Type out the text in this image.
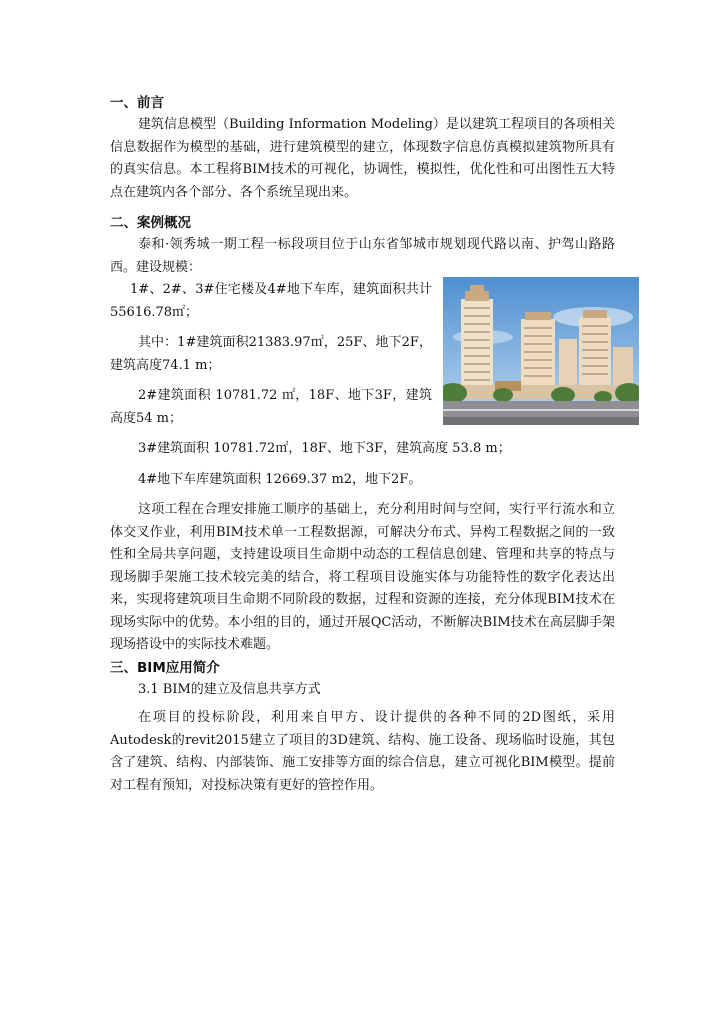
一、前言

建筑信息模型（Building Information Modeling）是以建筑工程项目的各项相关信息数据作为模型的基础，进行建筑模型的建立，体现数字信息仿真模拟建筑物所具有的真实信息。本工程将BIM技术的可视化，协调性，模拟性，优化性和可出图性五大特点在建筑内各个部分、各个系统呈现出来。

二、案例概况

泰和·领秀城一期工程一标段项目位于山东省邹城市规划现代路以南、护驾山路路西。建设规模：

1#、2#、3#住宅楼及4#地下车库，建筑面积共计55616.78㎡；

其中：1#建筑面积21383.97㎡，25F、地下2F，建筑高度74.1 m；

2#建筑面积 10781.72 ㎡，18F、地下3F，建筑高度54 m；

3#建筑面积 10781.72㎡，18F、地下3F，建筑高度 53.8 m；

4#地下车库建筑面积 12669.37 m2，地下2F。

这项工程在合理安排施工顺序的基础上，充分利用时间与空间，实行平行流水和立体交叉作业，利用BIM技术单一工程数据源，可解决分布式、异构工程数据之间的一致性和全局共享问题，支持建设项目生命期中动态的工程信息创建、管理和共享的特点与现场脚手架施工技术较完美的结合，将工程项目设施实体与功能特性的数字化表达出来，实现将建筑项目生命期不同阶段的数据，过程和资源的连接，充分体现BIM技术在现场实际中的优势。本小组的目的，通过开展QC活动，不断解决BIM技术在高层脚手架现场搭设中的实际技术难题。

三、BIM应用简介

3.1 BIM的建立及信息共享方式

在项目的投标阶段，利用来自甲方、设计提供的各种不同的2D图纸，采用Autodesk的revit2015建立了项目的3D建筑、结构、施工设备、现场临时设施，其包含了建筑、结构、内部装饰、施工安排等方面的综合信息，建立可视化BIM模型。提前对工程有预知，对投标决策有更好的管控作用。
